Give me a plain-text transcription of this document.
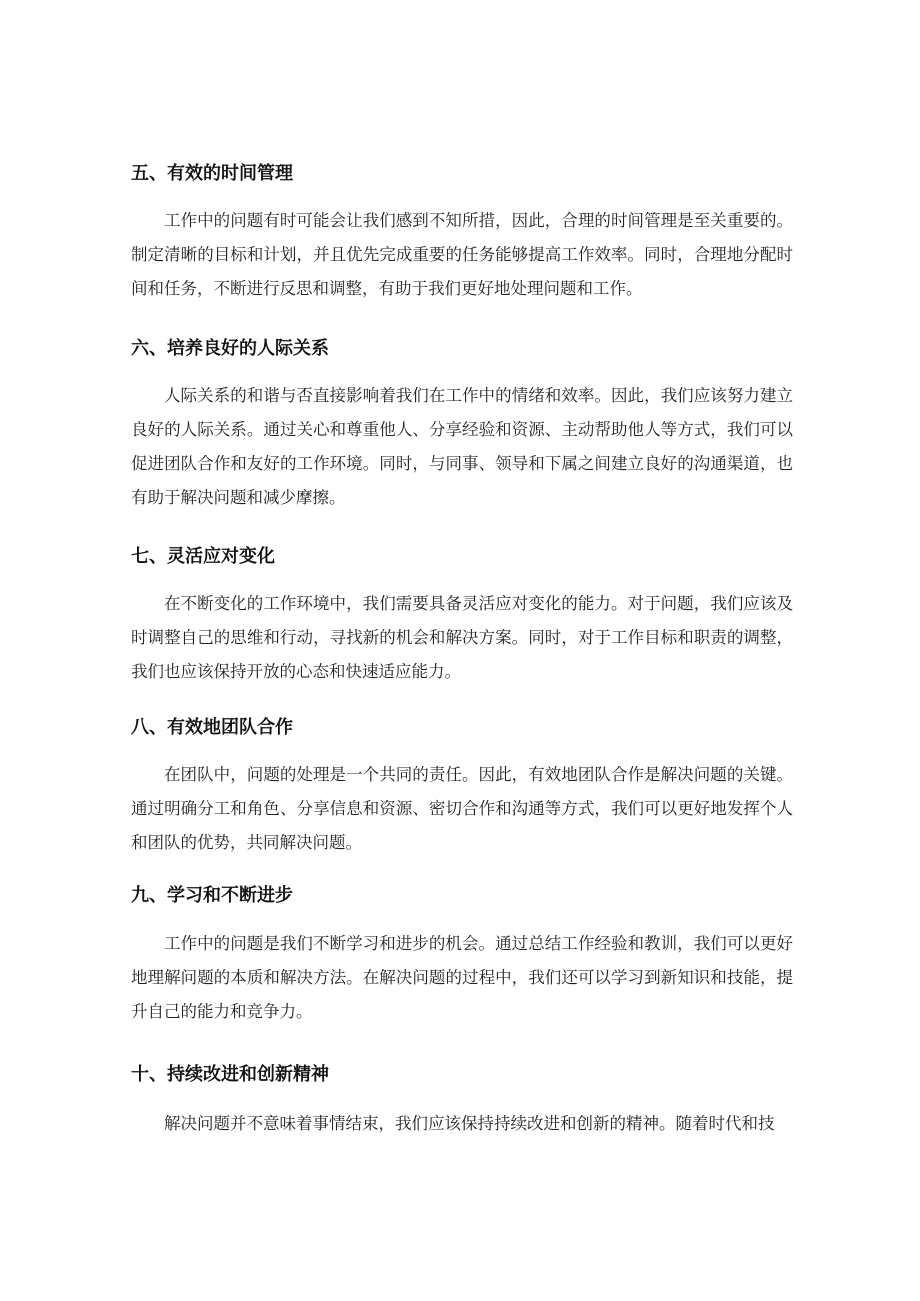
五、有效的时间管理

工作中的问题有时可能会让我们感到不知所措，因此，合理的时间管理是至关重要的。制定清晰的目标和计划，并且优先完成重要的任务能够提高工作效率。同时，合理地分配时间和任务，不断进行反思和调整，有助于我们更好地处理问题和工作。

六、培养良好的人际关系

人际关系的和谐与否直接影响着我们在工作中的情绪和效率。因此，我们应该努力建立良好的人际关系。通过关心和尊重他人、分享经验和资源、主动帮助他人等方式，我们可以促进团队合作和友好的工作环境。同时，与同事、领导和下属之间建立良好的沟通渠道，也有助于解决问题和减少摩擦。

七、灵活应对变化

在不断变化的工作环境中，我们需要具备灵活应对变化的能力。对于问题，我们应该及时调整自己的思维和行动，寻找新的机会和解决方案。同时，对于工作目标和职责的调整，我们也应该保持开放的心态和快速适应能力。

八、有效地团队合作

在团队中，问题的处理是一个共同的责任。因此，有效地团队合作是解决问题的关键。通过明确分工和角色、分享信息和资源、密切合作和沟通等方式，我们可以更好地发挥个人和团队的优势，共同解决问题。

九、学习和不断进步

工作中的问题是我们不断学习和进步的机会。通过总结工作经验和教训，我们可以更好地理解问题的本质和解决方法。在解决问题的过程中，我们还可以学习到新知识和技能，提升自己的能力和竞争力。

十、持续改进和创新精神

解决问题并不意味着事情结束，我们应该保持持续改进和创新的精神。随着时代和技
